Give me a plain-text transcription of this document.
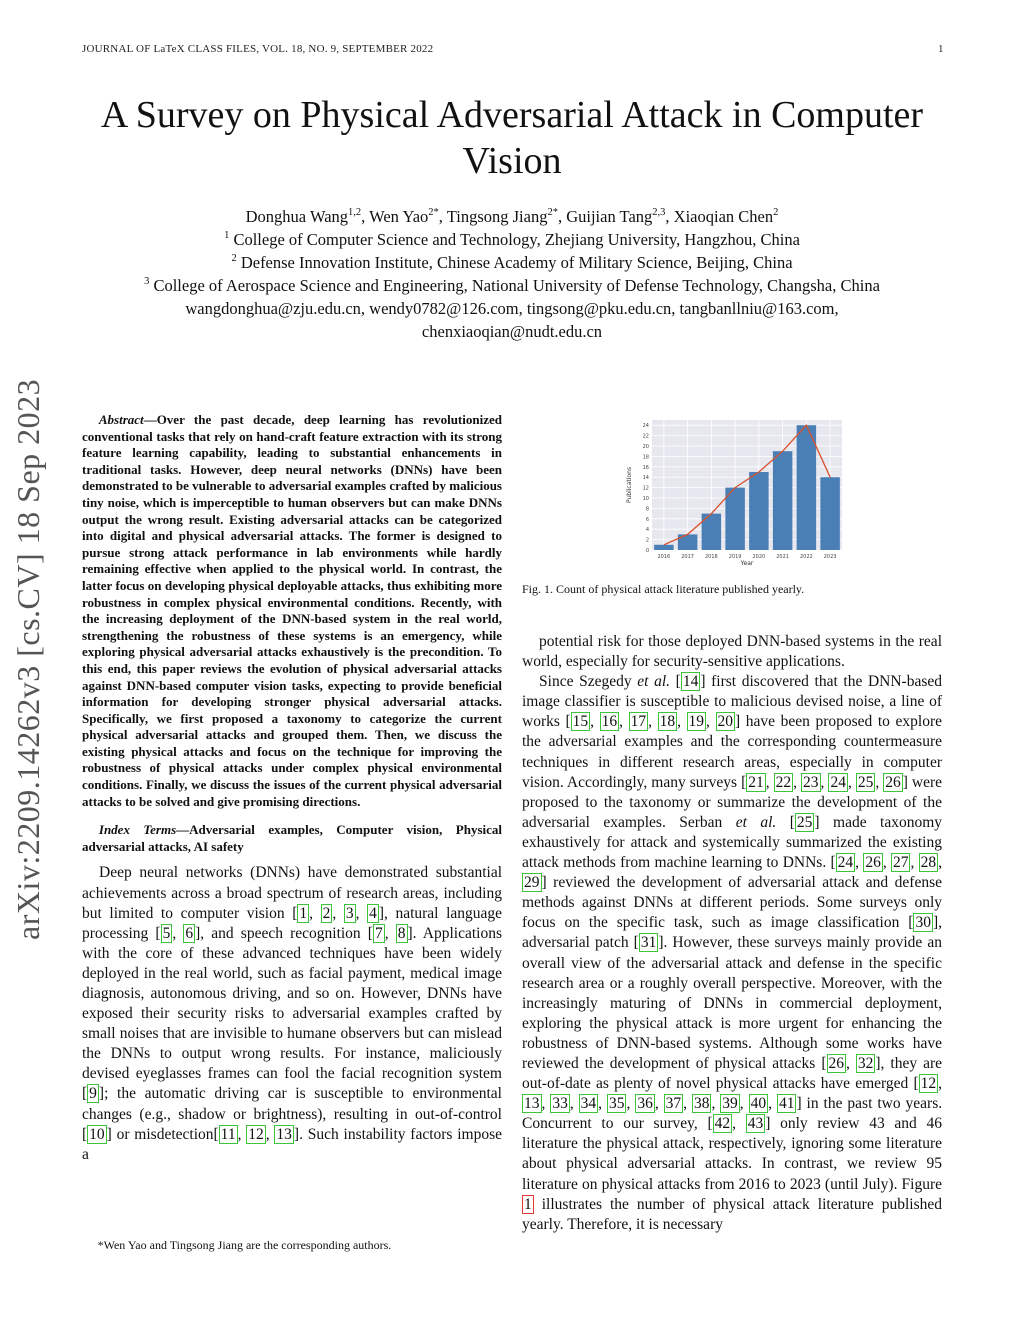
JOURNAL OF LaTeX CLASS FILES, VOL. 18, NO. 9, SEPTEMBER 2022	1
A Survey on Physical Adversarial Attack in Computer Vision
Donghua Wang$^{1,2}$, Wen Yao$^{2*}$, Tingsong Jiang$^{2*}$, Guijian Tang$^{2,3}$, Xiaoqian Chen$^2$
$^1$ College of Computer Science and Technology, Zhejiang University, Hangzhou, China
$^2$ Defense Innovation Institute, Chinese Academy of Military Science, Beijing, China
$^3$ College of Aerospace Science and Engineering, National University of Defense Technology, Changsha, China
wangdonghua@zju.edu.cn, wendy0782@126.com, tingsong@pku.edu.cn, tangbanllniu@163.com,
chenxiaoqian@nudt.edu.cn
arXiv:2209.14262v3 [cs.CV] 18 Sep 2023	Abstract—Over the past decade, deep learning has revolutionized conventional tasks that rely on hand-craft feature extraction with its strong feature learning capability, leading to substantial enhancements in traditional tasks. However, deep neural networks (DNNs) have been demonstrated to be vulnerable to adversarial examples crafted by malicious tiny noise, which is imperceptible to human observers but can make DNNs output the wrong result. Existing adversarial attacks can be categorized into digital and physical adversarial attacks. The former is designed to pursue strong attack performance in lab environments while hardly remaining effective when applied to the physical world. In contrast, the latter focus on developing physical deployable attacks, thus exhibiting more robustness in complex physical environmental conditions. Recently, with the increasing deployment of the DNN-based system in the real world, strengthening the robustness of these systems is an emergency, while exploring physical adversarial attacks exhaustively is the precondition. To this end, this paper reviews the evolution of physical adversarial attacks against DNN-based computer vision tasks, expecting to provide beneficial information for developing stronger physical adversarial attacks. Specifically, we first proposed a taxonomy to categorize the current physical adversarial attacks and grouped them. Then, we discuss the existing physical attacks and focus on the technique for improving the robustness of physical attacks under complex physical environmental conditions. Finally, we discuss the issues of the current physical adversarial attacks to be solved and give promising directions.

Index Terms—Adversarial examples, Computer vision, Physical adversarial attacks, AI safety

Deep neural networks (DNNs) have demonstrated substantial achievements across a broad spectrum of research areas, including but limited to computer vision [ 1 , 2 , 3 , 4 ], natural language processing [ 5 , 6 ], and speech recognition [ 7 , 8 ]. Applications with the core of these advanced techniques have been widely deployed in the real world, such as facial payment, medical image diagnosis, autonomous driving, and so on. However, DNNs have exposed their security risks to adversarial examples crafted by small noises that are invisible to humane observers but can mislead the DNNs to output wrong results. For instance, maliciously devised eyeglasses frames can fool the facial recognition system [ 9 ]; the automatic driving car is susceptible to environmental changes (e.g., shadow or brightness), resulting in out-of-control [ 10 ] or misdetection[ 11 , 12 , 13 ]. Such instability factors impose a

*Wen Yao and Tingsong Jiang are the corresponding authors.
0
2
4
6
8
10
12
14
16
18
20
22
24
2016 2017 2018 2019 2020 2021 2022 2023
Year
Publications

Fig. 1. Count of physical attack literature published yearly.

potential risk for those deployed DNN-based systems in the real world, especially for security-sensitive applications.

Since Szegedy et al. [ 14 ] first discovered that the DNN-based image classifier is susceptible to malicious devised noise, a line of works [ 15 , 16 , 17 , 18 , 19 , 20 ] have been proposed to explore the adversarial examples and the corresponding countermeasure techniques in different research areas, especially in computer vision. Accordingly, many surveys [ 21 , 22 , 23 , 24 , 25 , 26 ] were proposed to the taxonomy or summarize the development of the adversarial examples. Serban et al. [ 25 ] made taxonomy exhaustively for attack and systemically summarized the existing attack methods from machine learning to DNNs. [ 24 , 26 , 27 , 28 , 29 ] reviewed the development of adversarial attack and defense methods against DNNs at different periods. Some surveys only focus on the specific task, such as image classification [ 30 ], adversarial patch [ 31 ]. However, these surveys mainly provide an overall view of the adversarial attack and defense in the specific research area or a roughly overall perspective. Moreover, with the increasingly maturing of DNNs in commercial deployment, exploring the physical attack is more urgent for enhancing the robustness of DNN-based systems. Although some works have reviewed the development of physical attacks [ 26 , 32 ], they are out-of-date as plenty of novel physical attacks have emerged [ 12 , 13 , 33 , 34 , 35 , 36 , 37 , 38 , 39 , 40 , 41 ] in the past two years. Concurrent to our survey, [ 42 , 43 ] only review 43 and 46 literature the physical attack, respectively, ignoring some literature about physical adversarial attacks. In contrast, we review 95 literature on physical attacks from 2016 to 2023 (until July). Figure 1 illustrates the number of physical attack literature published yearly. Therefore, it is necessary
